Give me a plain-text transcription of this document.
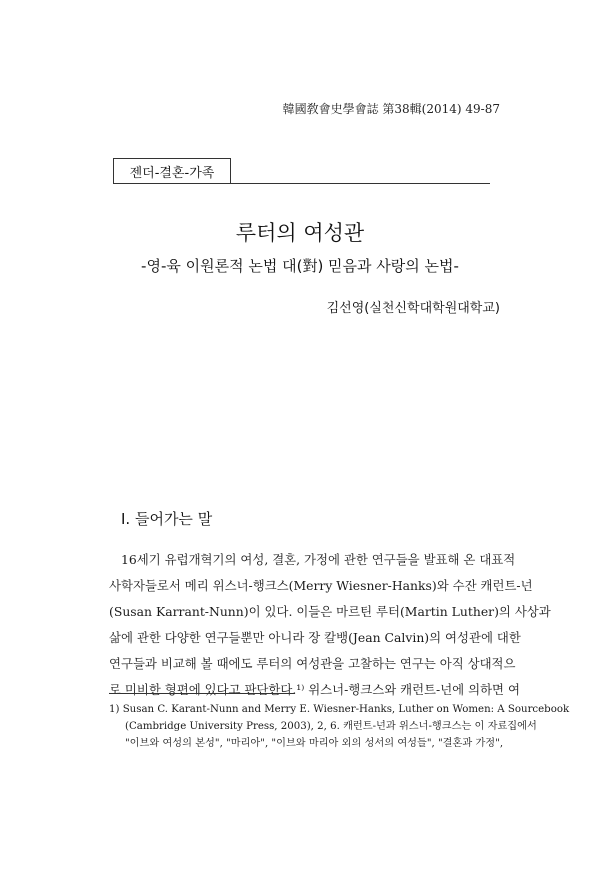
韓國敎會史學會誌 第38輯(2014) 49-87
젠더-결혼-가족
루터의 여성관
-영-육 이원론적 논법 대(對) 믿음과 사랑의 논법-
김선영(실천신학대학원대학교)
I. 들어가는 말
16세기 유럽개혁기의 여성, 결혼, 가정에 관한 연구들을 발표해 온 대표적
사학자들로서 메리 위스너-행크스(Merry Wiesner-Hanks)와 수잔 캐런트-넌
(Susan Karrant-Nunn)이 있다. 이들은 마르틴 루터(Martin Luther)의 사상과
삶에 관한 다양한 연구들뿐만 아니라 장 칼뱅(Jean Calvin)의 여성관에 대한
연구들과 비교해 볼 때에도 루터의 여성관을 고찰하는 연구는 아직 상대적으
로 미비한 형편에 있다고 판단한다.¹⁾ 위스너-행크스와 캐런트-넌에 의하면 여
1) Susan C. Karant-Nunn and Merry E. Wiesner-Hanks, Luther on Women: A Sourcebook
(Cambridge University Press, 2003), 2, 6. 캐런트-넌과 위스너-행크스는 이 자료집에서
"이브와 여성의 본성", "마리아", "이브와 마리아 외의 성서의 여성들", "결혼과 가정",
